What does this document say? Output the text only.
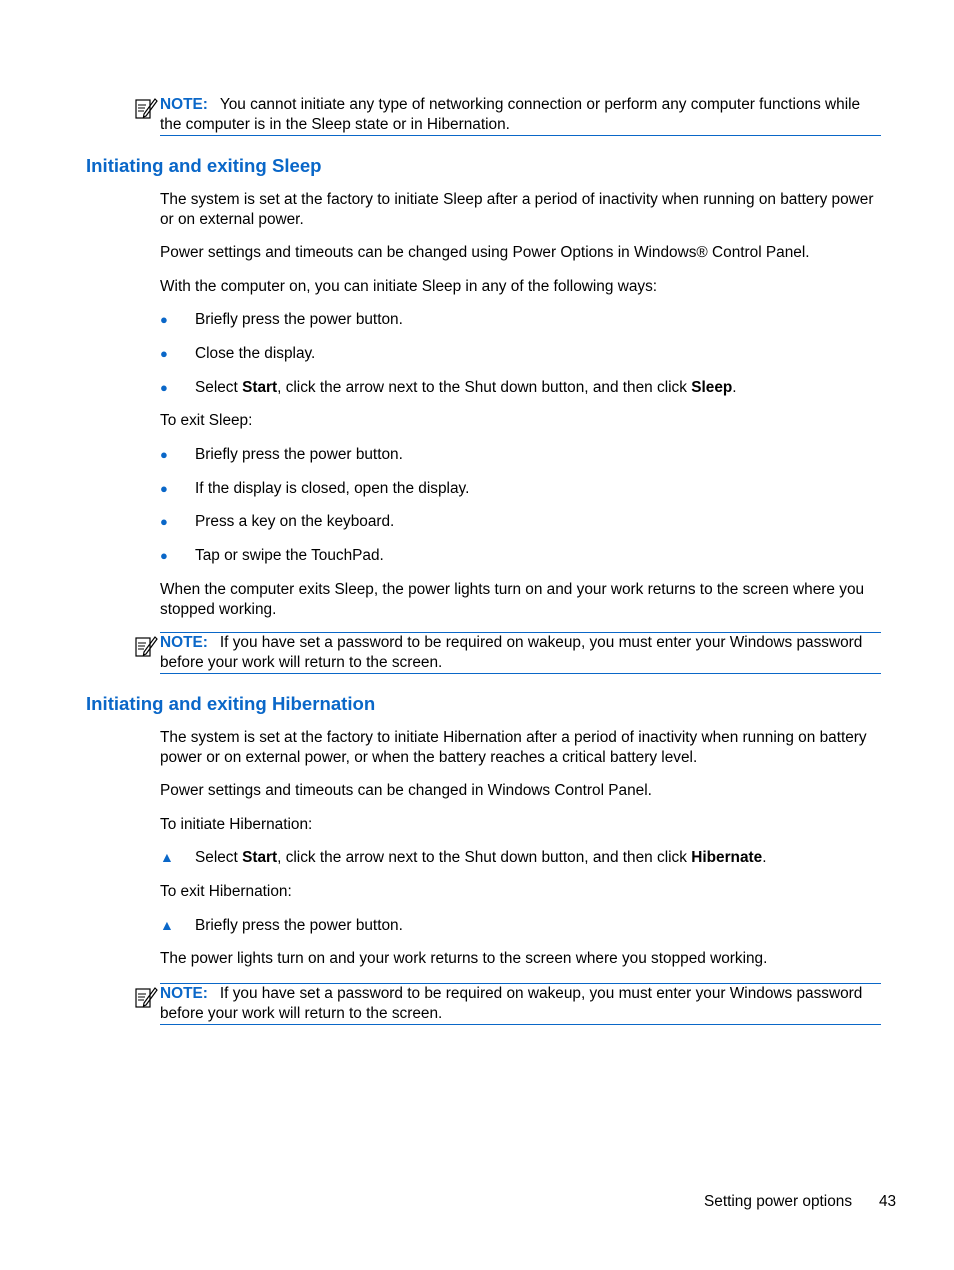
NOTE: You cannot initiate any type of networking connection or perform any computer functions while the computer is in the Sleep state or in Hibernation.
Initiating and exiting Sleep

The system is set at the factory to initiate Sleep after a period of inactivity when running on battery power or on external power.

Power settings and timeouts can be changed using Power Options in Windows® Control Panel.

With the computer on, you can initiate Sleep in any of the following ways:

● Briefly press the power button.
● Close the display.
● Select Start, click the arrow next to the Shut down button, and then click Sleep.

To exit Sleep:

● Briefly press the power button.
● If the display is closed, open the display.
● Press a key on the keyboard.
● Tap or swipe the TouchPad.

When the computer exits Sleep, the power lights turn on and your work returns to the screen where you stopped working.

NOTE: If you have set a password to be required on wakeup, you must enter your Windows password before your work will return to the screen.
Initiating and exiting Hibernation

The system is set at the factory to initiate Hibernation after a period of inactivity when running on battery power or on external power, or when the battery reaches a critical battery level.

Power settings and timeouts can be changed in Windows Control Panel.

To initiate Hibernation:

▲ Select Start, click the arrow next to the Shut down button, and then click Hibernate.

To exit Hibernation:

▲ Briefly press the power button.

The power lights turn on and your work returns to the screen where you stopped working.

NOTE: If you have set a password to be required on wakeup, you must enter your Windows password before your work will return to the screen.
Setting power options 43
